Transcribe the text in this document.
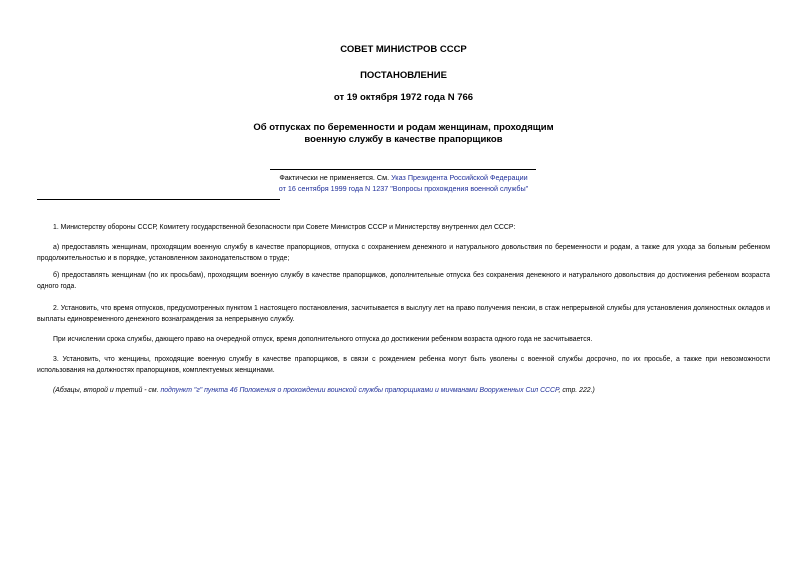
СОВЕТ МИНИСТРОВ СССР
ПОСТАНОВЛЕНИЕ
от 19 октября 1972 года N 766
Об отпусках по беременности и родам женщинам, проходящим
военную службу в качестве прапорщиков
Фактически не применяется. См. Указ Президента Российской Федерации
от 16 сентября 1999 года N 1237 "Вопросы прохождения военной службы"
1. Министерству обороны СССР, Комитету государственной безопасности при Совете Министров СССР и Министерству внутренних дел СССР:
а) предоставлять женщинам, проходящим военную службу в качестве прапорщиков, отпуска с сохранением денежного и натурального довольствия по беременности и родам, а также для ухода за больным ребенком продолжительностью и в порядке, установленном законодательством о труде;
б) предоставлять женщинам (по их просьбам), проходящим военную службу в качестве прапорщиков, дополнительные отпуска без сохранения денежного и натурального довольствия до достижения ребенком возраста одного года.
2. Установить, что время отпусков, предусмотренных пунктом 1 настоящего постановления, засчитывается в выслугу лет на право получения пенсии, в стаж непрерывной службы для установления должностных окладов и выплаты единовременного денежного вознаграждения за непрерывную службу.
При исчислении срока службы, дающего право на очередной отпуск, время дополнительного отпуска до достижении ребенком возраста одного года не засчитывается.
3. Установить, что женщины, проходящие военную службу в качестве прапорщиков, в связи с рождением ребенка могут быть уволены с военной службы досрочно, по их просьбе, а также при невозможности использования на должностях прапорщиков, комплектуемых женщинами.
(Абзацы, второй и третий - см. подпункт "г" пункта 46 Положения о прохождении воинской службы прапорщиками и мичманами Вооруженных Сил СССР, стр. 222.)
